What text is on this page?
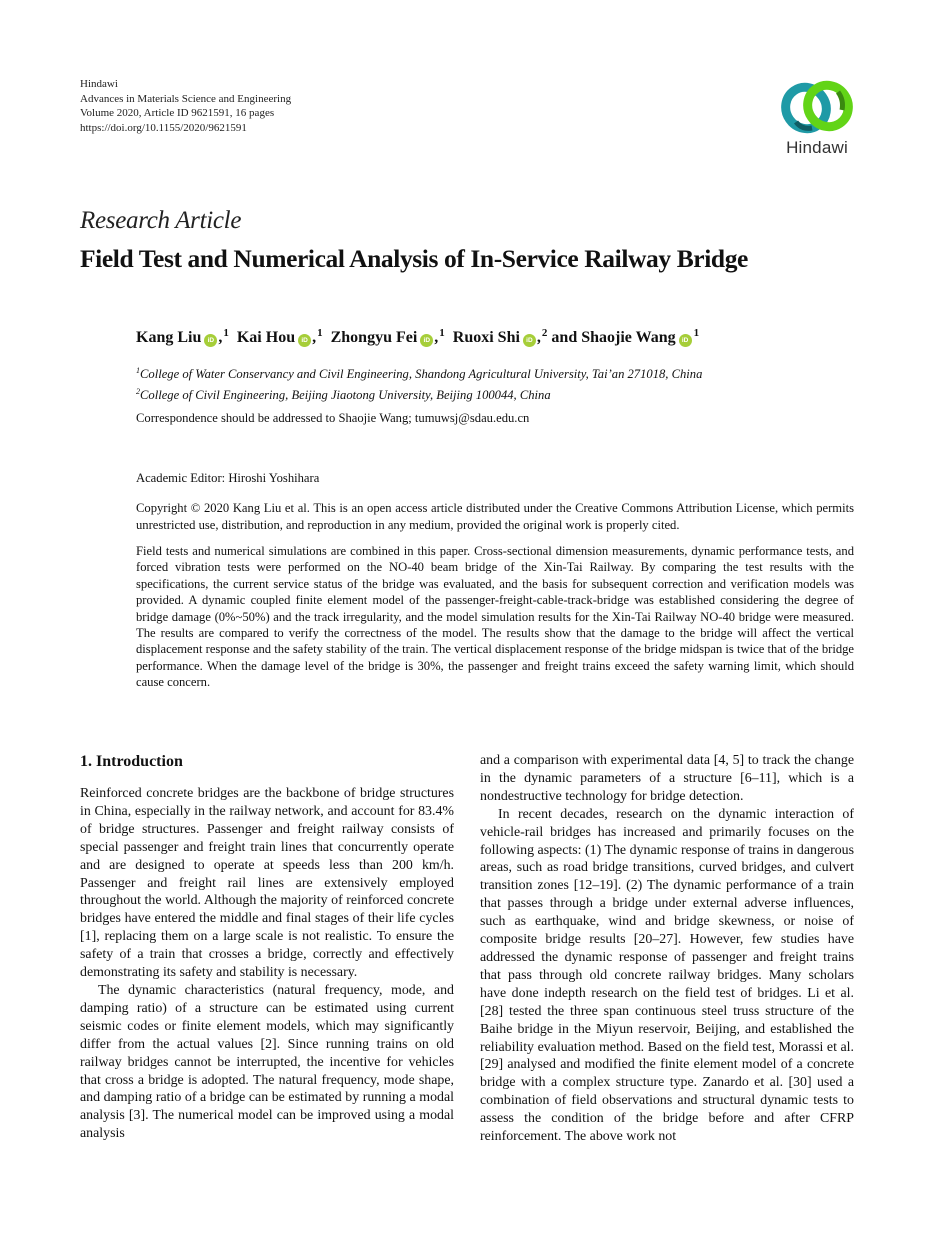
Hindawi
Advances in Materials Science and Engineering
Volume 2020, Article ID 9621591, 16 pages
https://doi.org/10.1155/2020/9621591
Hindawi
Research Article
Field Test and Numerical Analysis of In-Service Railway Bridge
Kang Liu iD ,$^1$ Kai Hou iD ,$^1$ Zhongyu Fei iD ,$^1$ Ruoxi Shi iD ,$^2$ and Shaojie Wang $iD^1$
$^1$College of Water Conservancy and Civil Engineering, Shandong Agricultural University, Tai’an 271018, China
$^2$College of Civil Engineering, Beijing Jiaotong University, Beijing 100044, China
Correspondence should be addressed to Shaojie Wang; tumuwsj@sdau.edu.cn
Academic Editor: Hiroshi Yoshihara
Copyright © 2020 Kang Liu et al. This is an open access article distributed under the Creative Commons Attribution License, which permits unrestricted use, distribution, and reproduction in any medium, provided the original work is properly cited.
Field tests and numerical simulations are combined in this paper. Cross-sectional dimension measurements, dynamic performance tests, and forced vibration tests were performed on the NO-40 beam bridge of the Xin-Tai Railway. By comparing the test results with the specifications, the current service status of the bridge was evaluated, and the basis for subsequent correction and verification models was provided. A dynamic coupled finite element model of the passenger-freight-cable-track-bridge was established considering the degree of bridge damage (0%~50%) and the track irregularity, and the model simulation results for the Xin-Tai Railway NO-40 bridge were measured. The results are compared to verify the correctness of the model. The results show that the damage to the bridge will affect the vertical displacement response and the safety stability of the train. The vertical displacement response of the bridge midspan is twice that of the bridge performance. When the damage level of the bridge is 30%, the passenger and freight trains exceed the safety warning limit, which should cause concern.
1. Introduction

Reinforced concrete bridges are the backbone of bridge structures in China, especially in the railway network, and account for 83.4% of bridge structures. Passenger and freight railway consists of special passenger and freight train lines that concurrently operate and are designed to operate at speeds less than 200 km/h. Passenger and freight rail lines are extensively employed throughout the world. Although the majority of reinforced concrete bridges have entered the middle and final stages of their life cycles [1], replacing them on a large scale is not realistic. To ensure the safety of a train that crosses a bridge, correctly and effectively demonstrating its safety and stability is necessary.

The dynamic characteristics (natural frequency, mode, and damping ratio) of a structure can be estimated using current seismic codes or finite element models, which may significantly differ from the actual values [2]. Since running trains on old railway bridges cannot be interrupted, the incentive for vehicles that cross a bridge is adopted. The natural frequency, mode shape, and damping ratio of a bridge can be estimated by running a modal analysis [3]. The numerical model can be improved using a modal analysis

and a comparison with experimental data [4, 5] to track the change in the dynamic parameters of a structure [6–11], which is a nondestructive technology for bridge detection.

In recent decades, research on the dynamic interaction of vehicle-rail bridges has increased and primarily focuses on the following aspects: (1) The dynamic response of trains in dangerous areas, such as road bridge transitions, curved bridges, and culvert transition zones [12–19]. (2) The dynamic performance of a train that passes through a bridge under external adverse influences, such as earthquake, wind and bridge skewness, or noise of composite bridge results [20–27]. However, few studies have addressed the dynamic response of passenger and freight trains that pass through old concrete railway bridges. Many scholars have done indepth research on the field test of bridges. Li et al. [28] tested the three span continuous steel truss structure of the Baihe bridge in the Miyun reservoir, Beijing, and established the reliability evaluation method. Based on the field test, Morassi et al. [29] analysed and modified the finite element model of a concrete bridge with a complex structure type. Zanardo et al. [30] used a combination of field observations and structural dynamic tests to assess the condition of the bridge before and after CFRP reinforcement. The above work not
